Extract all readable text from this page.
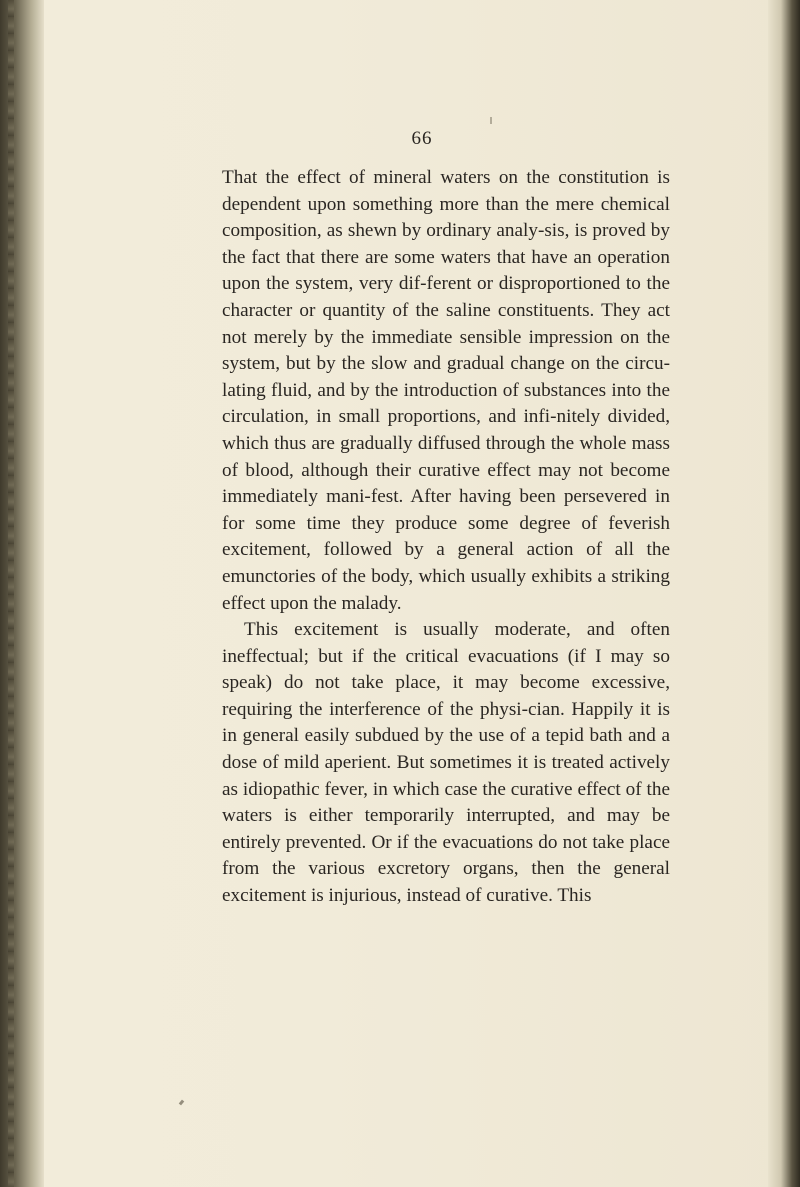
66

That the effect of mineral waters on the constitution is dependent upon something more than the mere chemical composition, as shewn by ordinary analy-sis, is proved by the fact that there are some waters that have an operation upon the system, very dif-ferent or disproportioned to the character or quantity of the saline constituents. They act not merely by the immediate sensible impression on the system, but by the slow and gradual change on the circu-lating fluid, and by the introduction of substances into the circulation, in small proportions, and infi-nitely divided, which thus are gradually diffused through the whole mass of blood, although their curative effect may not become immediately mani-fest. After having been persevered in for some time they produce some degree of feverish excitement, followed by a general action of all the emunctories of the body, which usually exhibits a striking effect upon the malady.

This excitement is usually moderate, and often ineffectual; but if the critical evacuations (if I may so speak) do not take place, it may become excessive, requiring the interference of the physi-cian. Happily it is in general easily subdued by the use of a tepid bath and a dose of mild aperient. But sometimes it is treated actively as idiopathic fever, in which case the curative effect of the waters is either temporarily interrupted, and may be entirely prevented. Or if the evacuations do not take place from the various excretory organs, then the general excitement is injurious, instead of curative. This
